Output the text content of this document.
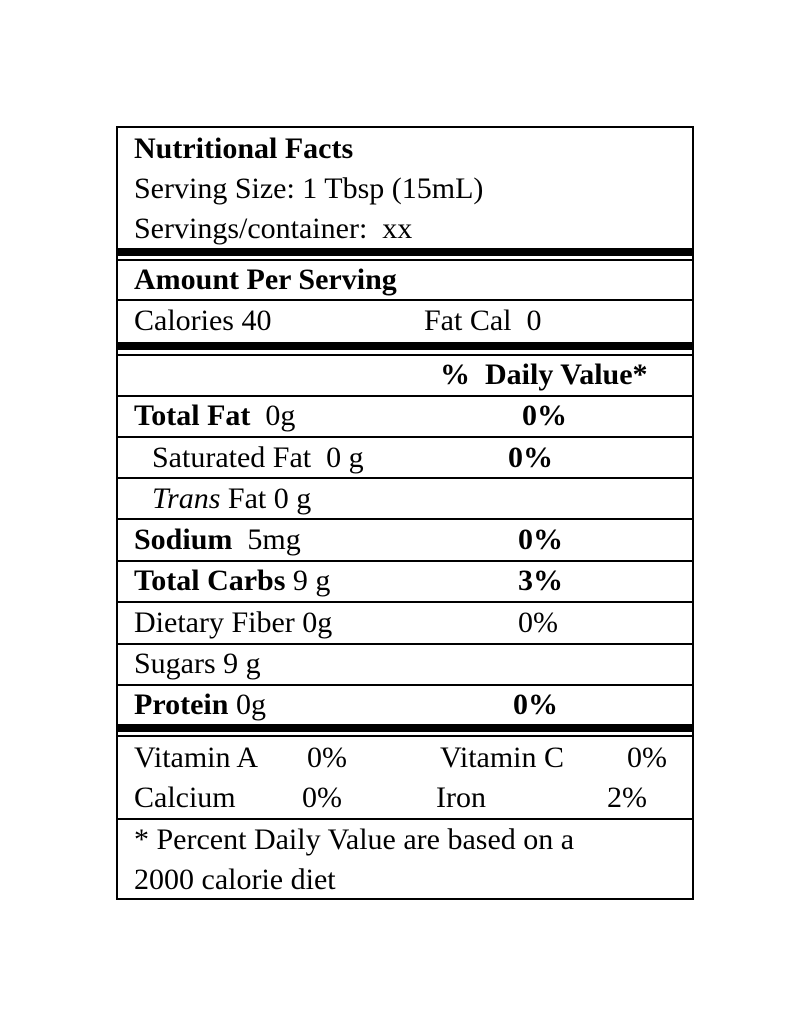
Nutritional Facts
Serving Size: 1 Tbsp (15mL)
Servings/container:  xx
Amount Per Serving
Calories 40	Fat Cal  0
%  Daily Value*
Total Fat 0g	0%
Saturated Fat 0 g	0%
Trans Fat 0 g
Sodium 5mg	0%
Total Carbs 9 g	3%
Dietary Fiber 0g	0%
Sugars 9 g
Protein 0g	0%
Vitamin A 0%	Vitamin C 0%
Calcium 0%	Iron	2%
* Percent Daily Value are based on a
2000 calorie diet
